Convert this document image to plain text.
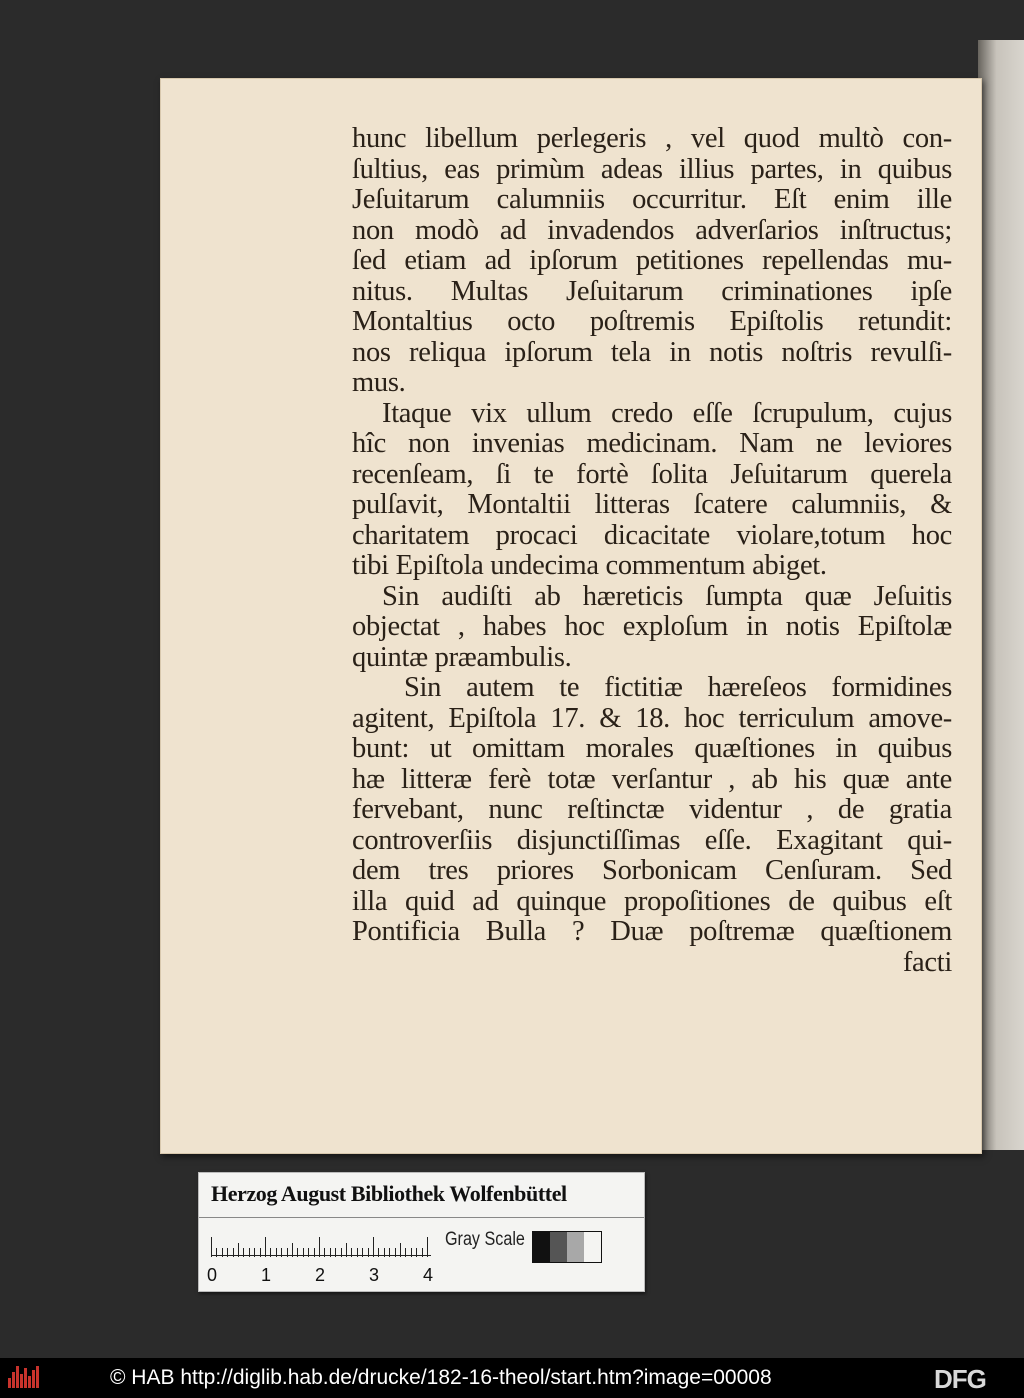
hunc libellum perlegeris , vel quod multò con-
ſultius, eas primùm adeas illius partes, in quibus
Jeſuitarum calumniis occurritur. Eſt enim ille
non modò ad invadendos adverſarios inſtructus;
ſed etiam ad ipſorum petitiones repellendas mu-
nitus. Multas Jeſuitarum criminationes ipſe
Montaltius octo poſtremis Epiſtolis retundit:
nos reliqua ipſorum tela in notis noſtris revulſi-
mus.
Itaque vix ullum credo eſſe ſcrupulum, cujus
hîc non invenias medicinam. Nam ne leviores
recenſeam, ſi te fortè ſolita Jeſuitarum querela
pulſavit, Montaltii litteras ſcatere calumniis, &
charitatem procaci dicacitate violare,totum hoc
tibi Epiſtola undecima commentum abiget.
Sin audiſti ab hæreticis ſumpta quæ Jeſuitis
objectat , habes hoc exploſum in notis Epiſtolæ
quintæ præambulis.
Sin autem te fictitiæ hæreſeos formidines
agitent, Epiſtola 17. & 18. hoc terriculum amove-
bunt: ut omittam morales quæſtiones in quibus
hæ litteræ ferè totæ verſantur , ab his quæ ante
fervebant, nunc reſtinctæ videntur , de gratia
controverſiis disjunctiſſimas eſſe. Exagitant qui-
dem tres priores Sorbonicam Cenſuram. Sed
illa quid ad quinque propoſitiones de quibus eſt
Pontificia Bulla ? Duæ poſtremæ quæſtionem
facti
Herzog August Bibliothek Wolfenbüttel
0 1 2 3 4
Gray Scale
© HAB http://diglib.hab.de/drucke/182-16-theol/start.htm?image=00008	DFG
